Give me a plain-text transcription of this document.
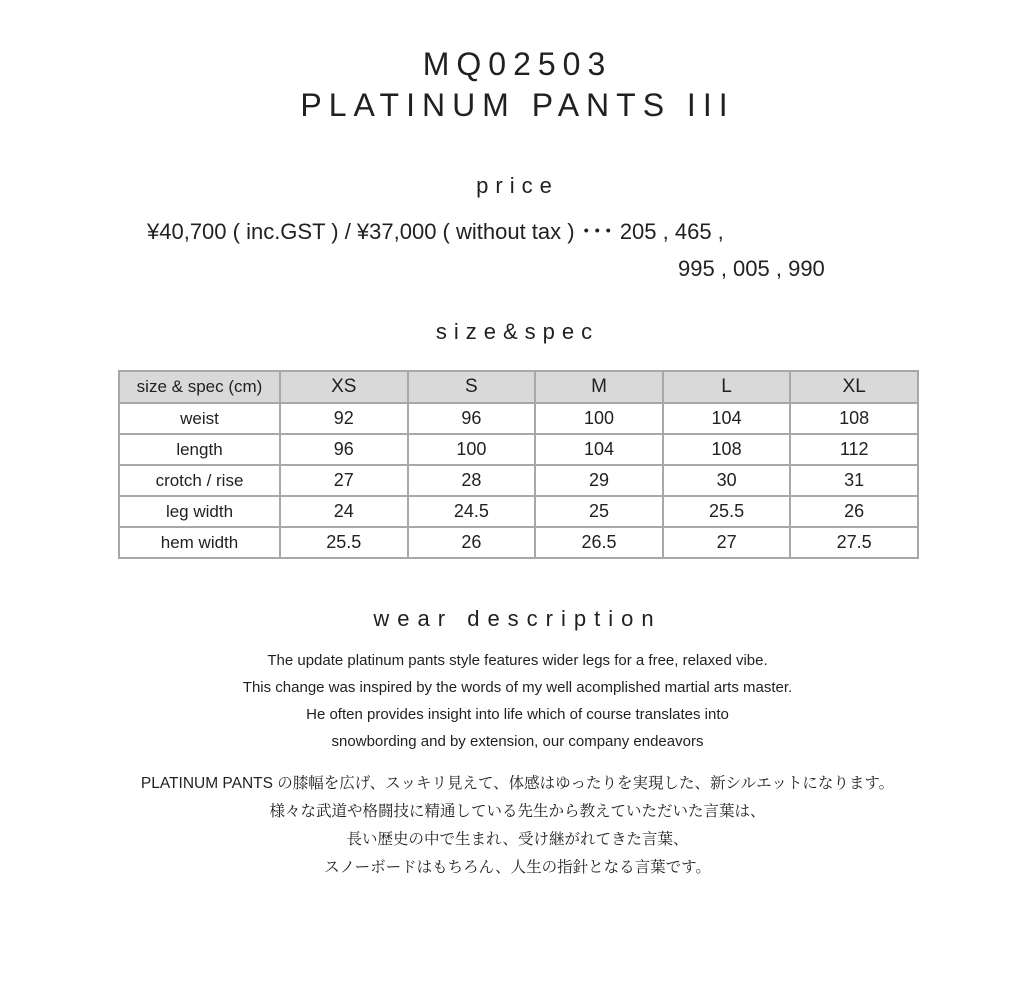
MQ02503
PLATINUM PANTS III
price
¥40,700 ( inc.GST ) / ¥37,000 ( without tax ) ･･･ 205 , 465 ,
995 , 005 , 990
size&spec
size & spec (cm)	XS	S	M	L	XL
weist	92	96	100	104	108
length	96	100	104	108	112
crotch / rise	27	28	29	30	31
leg width	24	24.5	25	25.5	26
hem width	25.5	26	26.5	27	27.5
wear description

The update platinum pants style features wider legs for a free, relaxed vibe.

This change was inspired by the words of my well acomplished martial arts master.

He often provides insight into life which of course translates into

snowbording and by extension, our company endeavors

PLATINUM PANTS の膝幅を広げ、スッキリ見えて、体感はゆったりを実現した、新シルエットになります。

様々な武道や格闘技に精通している先生から教えていただいた言葉は、

長い歴史の中で生まれ、受け継がれてきた言葉、

スノーボードはもちろん、人生の指針となる言葉です。
